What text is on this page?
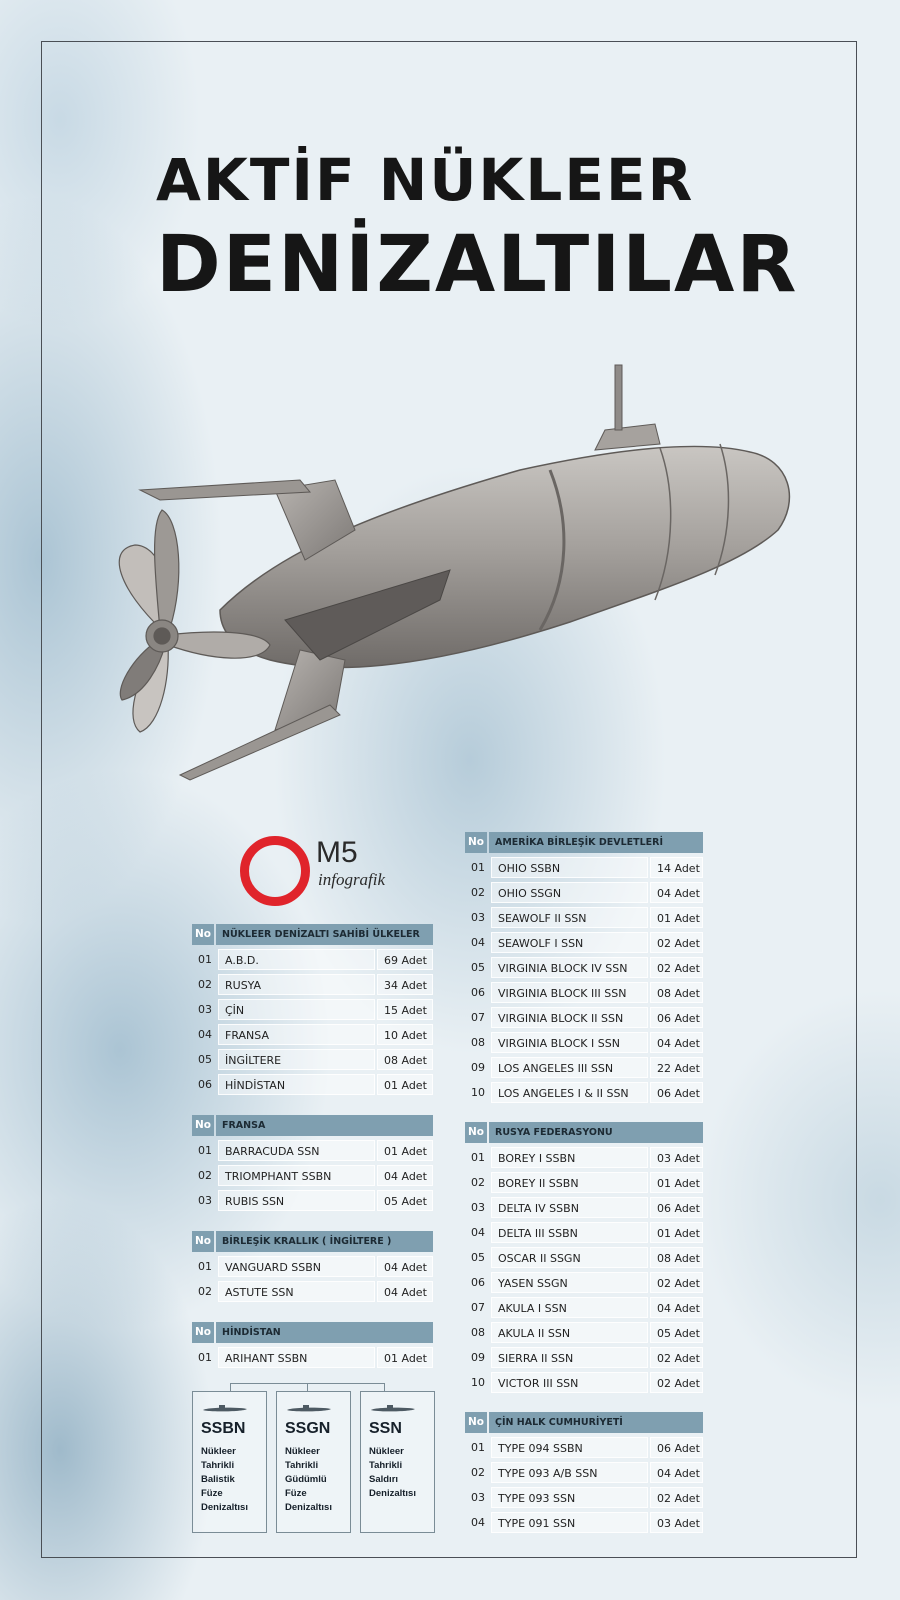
AKTİF NÜKLEER
DENİZALTILAR
M5
infografik
No	NÜKLEER DENİZALTI SAHİBİ ÜLKELER
01	A.B.D.	69 Adet
02	RUSYA	34 Adet
03	ÇİN	15 Adet
04	FRANSA	10 Adet
05	İNGİLTERE	08 Adet
06	HİNDİSTAN	01 Adet
No	FRANSA
01	BARRACUDA SSN	01 Adet
02	TRIOMPHANT SSBN	04 Adet
03	RUBIS SSN	05 Adet
No	BİRLEŞİK KRALLIK ( İNGİLTERE )
01	VANGUARD SSBN	04 Adet
02	ASTUTE SSN	04 Adet
No	HİNDİSTAN
01	ARIHANT SSBN	01 Adet
No	AMERİKA BİRLEŞİK DEVLETLERİ
01	OHIO SSBN	14 Adet
02	OHIO SSGN	04 Adet
03	SEAWOLF II SSN	01 Adet
04	SEAWOLF I SSN	02 Adet
05	VIRGINIA BLOCK IV SSN	02 Adet
06	VIRGINIA BLOCK III SSN	08 Adet
07	VIRGINIA BLOCK II SSN	06 Adet
08	VIRGINIA BLOCK I SSN	04 Adet
09	LOS ANGELES III SSN	22 Adet
10	LOS ANGELES I & II SSN	06 Adet
No	RUSYA FEDERASYONU
01	BOREY I SSBN	03 Adet
02	BOREY II SSBN	01 Adet
03	DELTA IV SSBN	06 Adet
04	DELTA III SSBN	01 Adet
05	OSCAR II SSGN	08 Adet
06	YASEN SSGN	02 Adet
07	AKULA I SSN	04 Adet
08	AKULA II SSN	05 Adet
09	SIERRA II SSN	02 Adet
10	VICTOR III SSN	02 Adet
No	ÇİN HALK CUMHURİYETİ
01	TYPE 094 SSBN	06 Adet
02	TYPE 093 A/B SSN	04 Adet
03	TYPE 093 SSN	02 Adet
04	TYPE 091 SSN	03 Adet
SSBN
Nükleer
Tahrikli
Balistik
Füze
Denizaltısı
SSGN
Nükleer
Tahrikli
Güdümlü
Füze
Denizaltısı
SSN
Nükleer
Tahrikli
Saldırı
Denizaltısı
